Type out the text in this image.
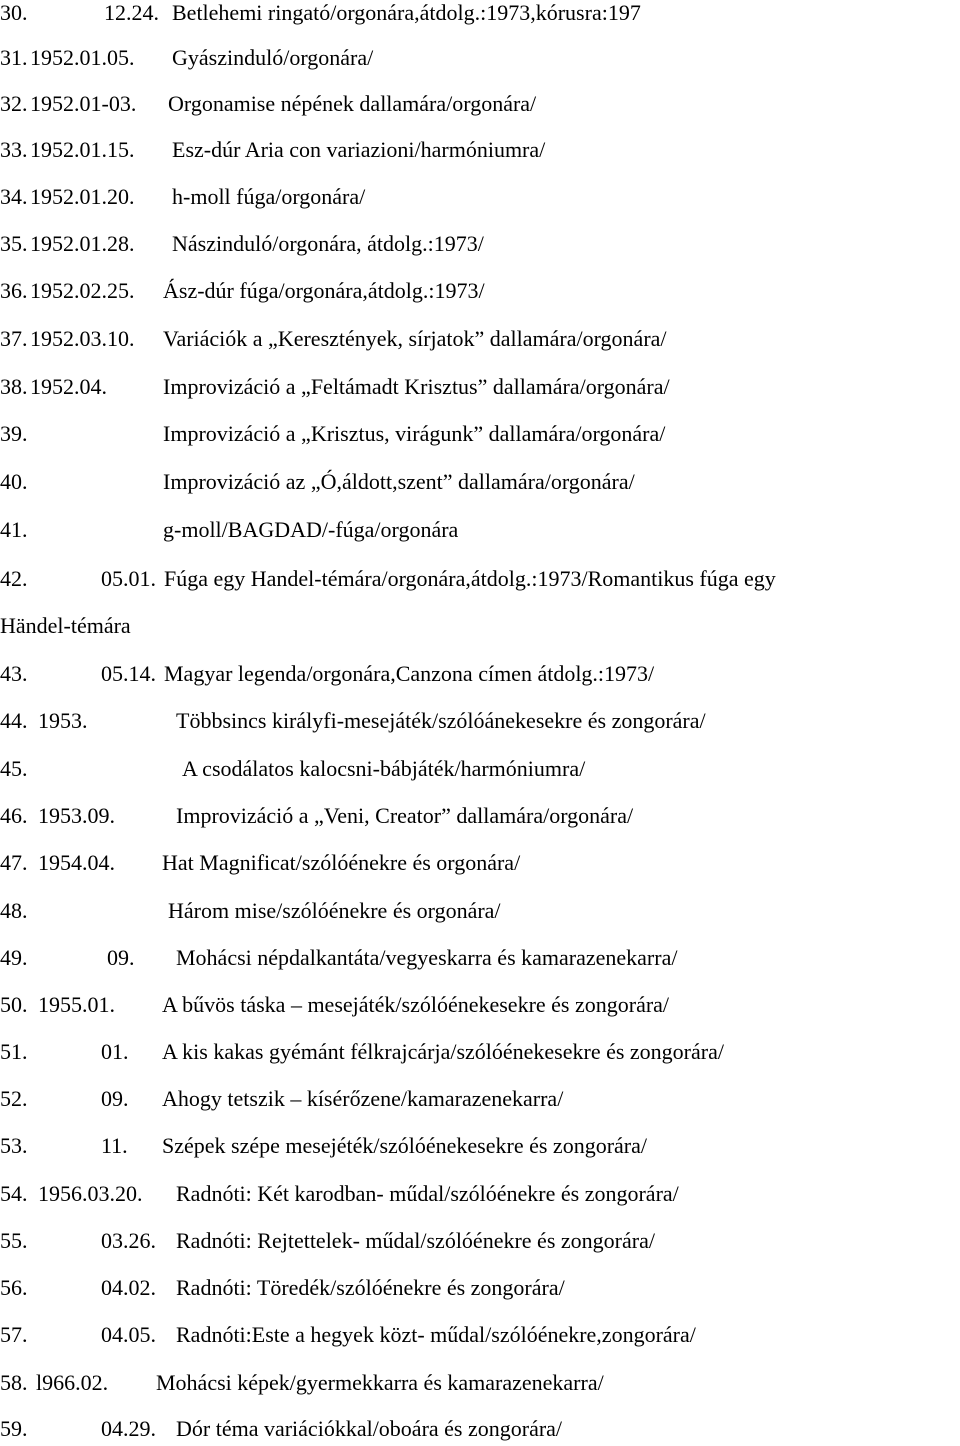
30.	12.24. Betlehemi ringató/orgonára,átdolg.:1973,kórusra:197
31. 1952.01.05. Gyászinduló/orgonára/
32. 1952.01-03. Orgonamise népének dallamára/orgonára/
33. 1952.01.15. Esz-dúr Aria con variazioni/harmóniumra/
34. 1952.01.20. h-moll fúga/orgonára/
35. 1952.01.28. Nászinduló/orgonára, átdolg.:1973/
36. 1952.02.25. Ász-dúr fúga/orgonára,átdolg.:1973/
37. 1952.03.10. Variációk a „Keresztények, sírjatok” dallamára/orgonára/
38. 1952.04.	Improvizáció a „Feltámadt Krisztus” dallamára/orgonára/
39.	Improvizáció a „Krisztus, virágunk” dallamára/orgonára/
40.	Improvizáció az „Ó,áldott,szent” dallamára/orgonára/
41.	g-moll/BAGDAD/-fúga/orgonára
42.	05.01. Fúga egy Handel-témára/orgonára,átdolg.:1973/Romantikus fúga egy
Händel-témára
43.	05.14. Magyar legenda/orgonára,Canzona címen átdolg.:1973/
44. 1953.	Többsincs királyfi-mesejáték/szólóánekesekre és zongorára/
45.	A csodálatos kalocsni-bábjáték/harmóniumra/
46. 1953.09.	Improvizáció a „Veni, Creator” dallamára/orgonára/
47. 1954.04. Hat Magnificat/szólóénekre és orgonára/
48.	Három mise/szólóénekre és orgonára/
49.	09. Mohácsi népdalkantáta/vegyeskarra és kamarazenekarra/
50. 1955.01. A bűvös táska – mesejáték/szólóénekesekre és zongorára/
51.	01. A kis kakas gyémánt félkrajcárja/szólóénekesekre és zongorára/
52.	09. Ahogy tetszik – kísérőzene/kamarazenekarra/
53.	11. Szépek szépe mesejéték/szólóénekesekre és zongorára/
54. 1956.03.20. Radnóti: Két karodban- műdal/szólóénekre és zongorára/
55.	03.26. Radnóti: Rejtettelek- műdal/szólóénekre és zongorára/
56.	04.02. Radnóti: Töredék/szólóénekre és zongorára/
57.	04.05. Radnóti:Este a hegyek közt- műdal/szólóénekre,zongorára/
58. l966.02. Mohácsi képek/gyermekkarra és kamarazenekarra/
59.	04.29. Dór téma variációkkal/oboára és zongorára/
